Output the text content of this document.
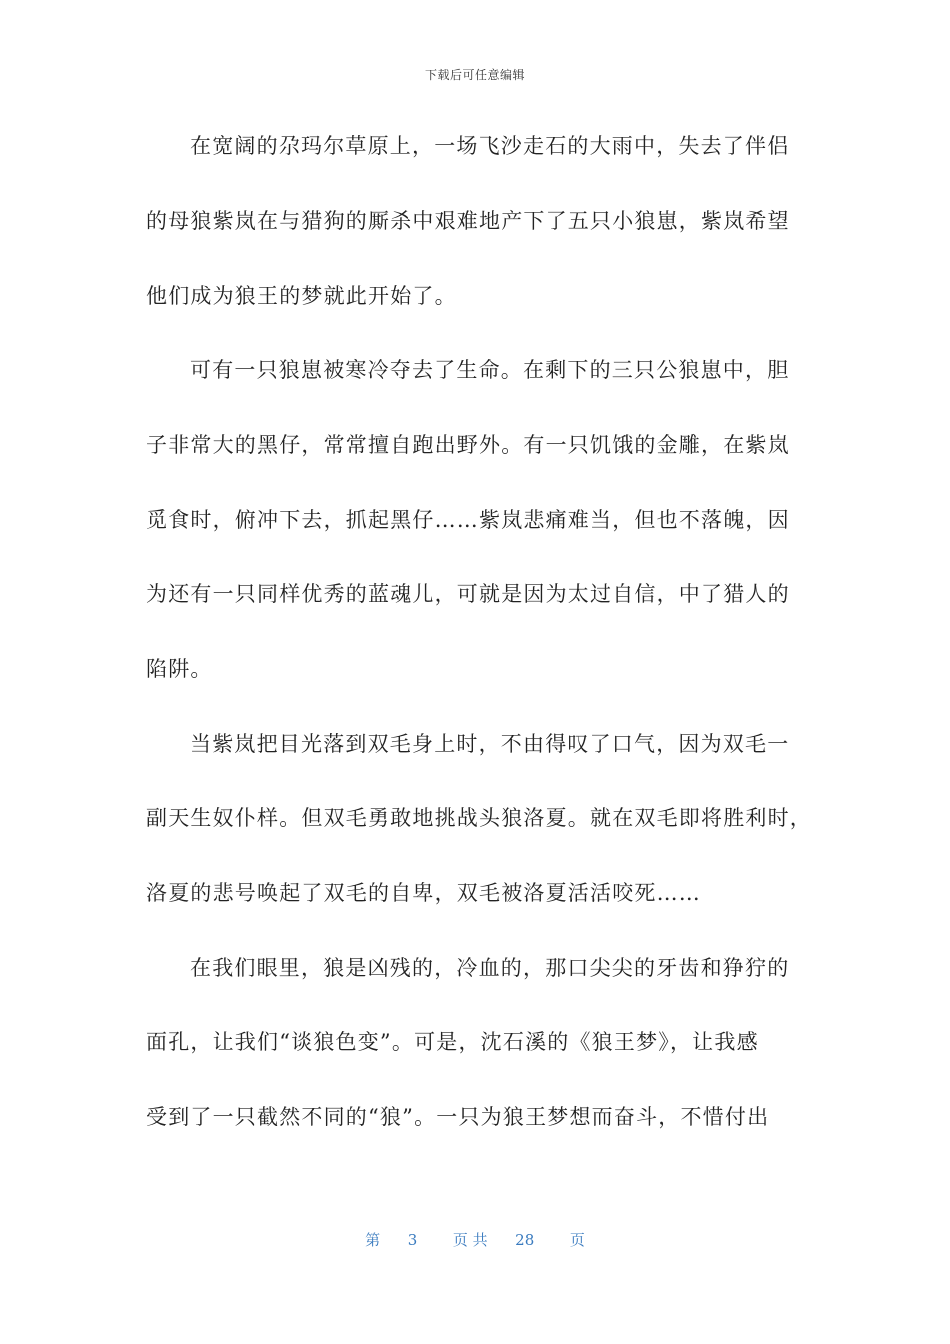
下载后可任意编辑
在宽阔的尕玛尔草原上，一场飞沙走石的大雨中，失去了伴侣
的母狼紫岚在与猎狗的厮杀中艰难地产下了五只小狼崽，紫岚希望
他们成为狼王的梦就此开始了。
可有一只狼崽被寒冷夺去了生命。在剩下的三只公狼崽中，胆
子非常大的黑仔，常常擅自跑出野外。有一只饥饿的金雕，在紫岚
觅食时，俯冲下去，抓起黑仔……紫岚悲痛难当，但也不落魄，因
为还有一只同样优秀的蓝魂儿，可就是因为太过自信，中了猎人的
陷阱。
当紫岚把目光落到双毛身上时，不由得叹了口气，因为双毛一
副天生奴仆样。但双毛勇敢地挑战头狼洛夏。就在双毛即将胜利时，
洛夏的悲号唤起了双毛的自卑，双毛被洛夏活活咬死……
在我们眼里，狼是凶残的，冷血的，那口尖尖的牙齿和狰狞的
面孔，让我们“谈狼色变”。可是，沈石溪的《狼王梦》，让我感
受到了一只截然不同的“狼”。一只为狼王梦想而奋斗，不惜付出
第 3 页 共 28 页
